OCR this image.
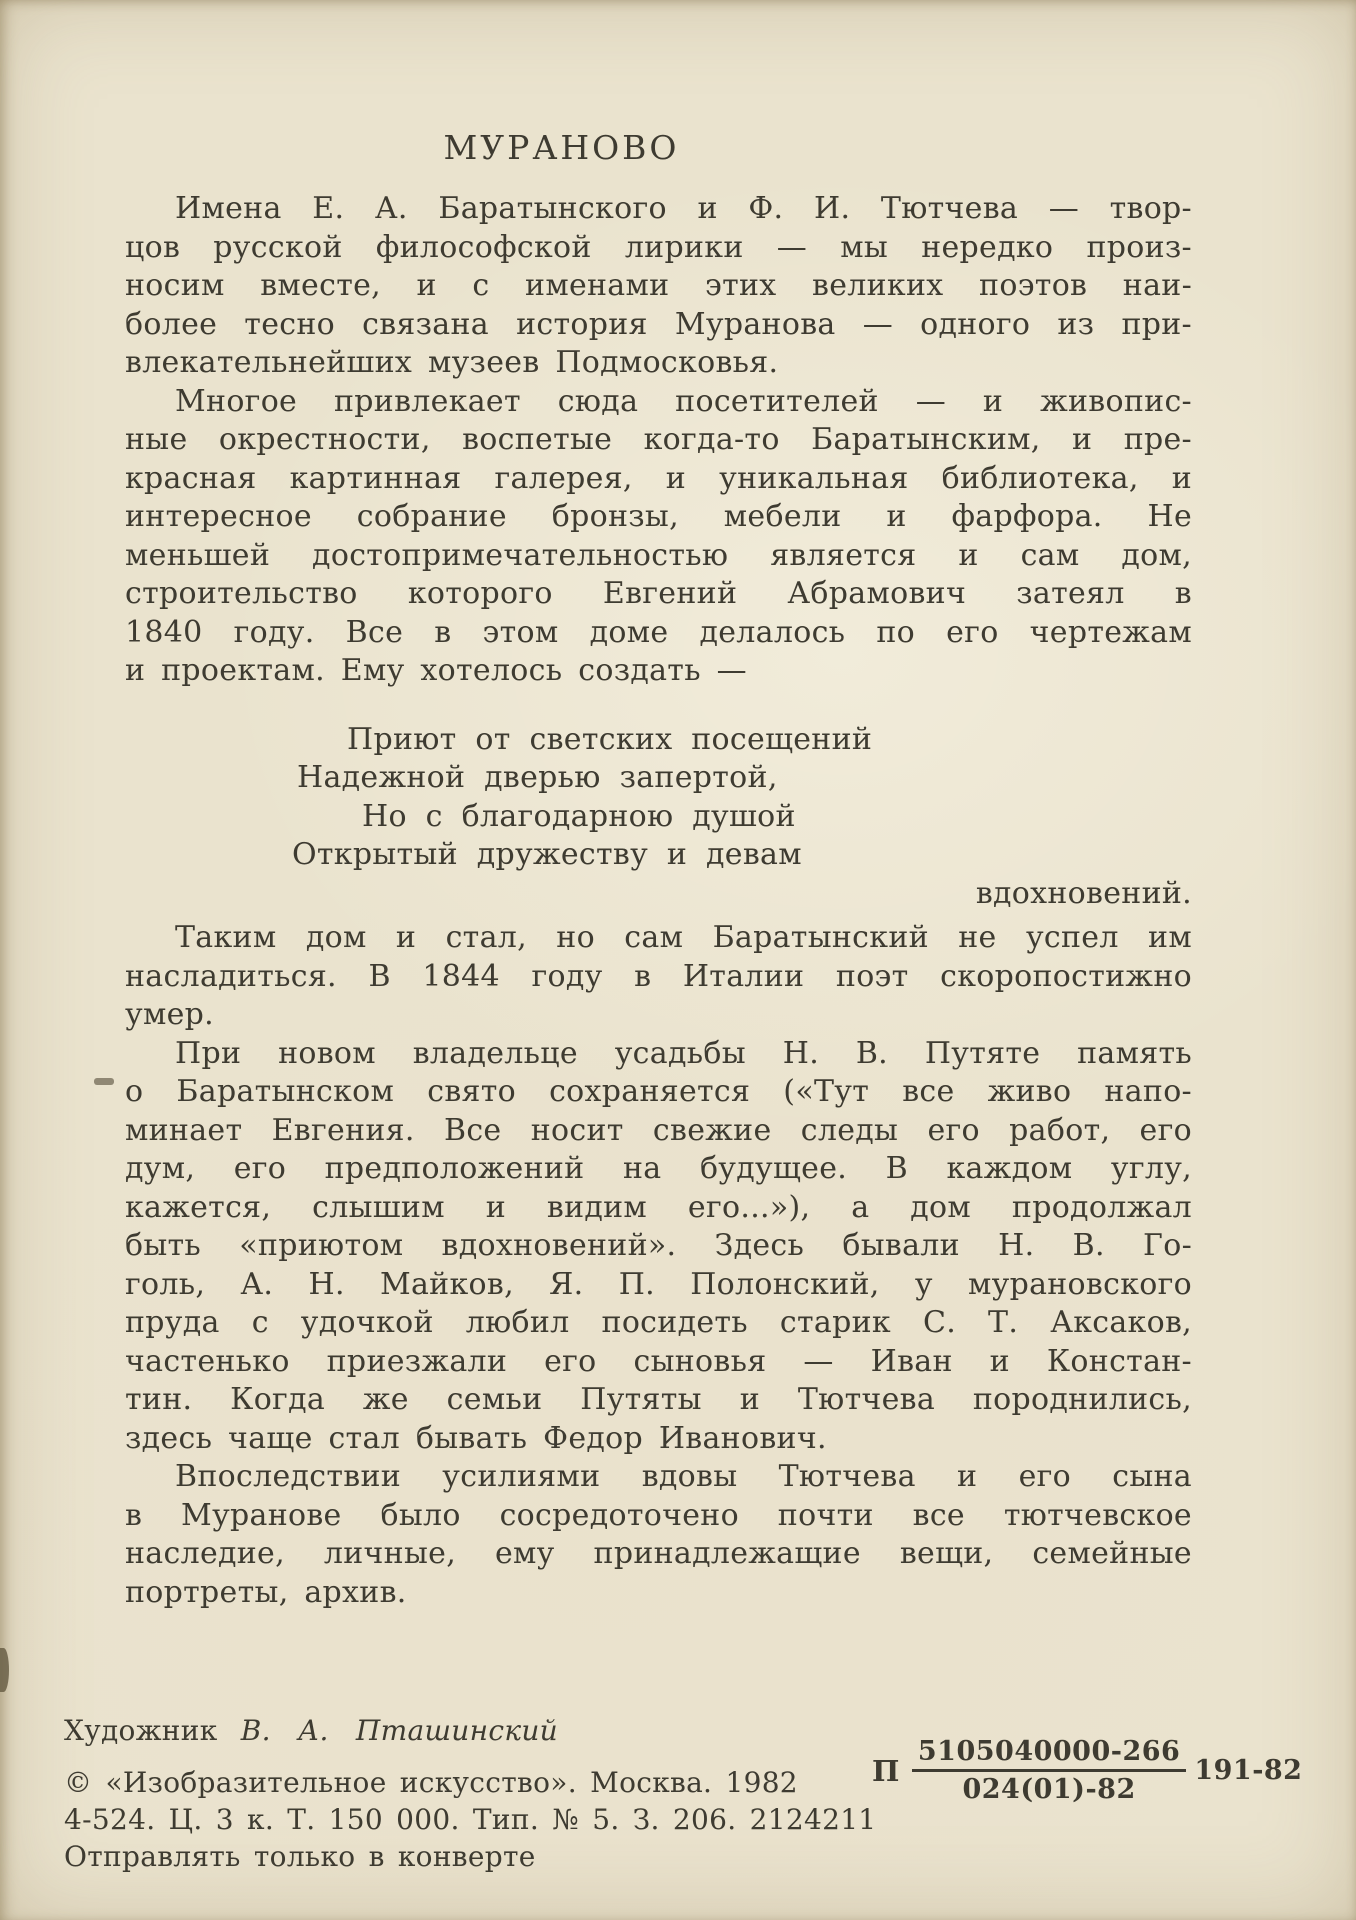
МУРАНОВО
Имена Е. А. Баратынского и Ф. И. Тютчева — твор-
цов русской философской лирики — мы нередко произ-
носим вместе, и с именами этих великих поэтов наи-
более тесно связана история Муранова — одного из при-
влекательнейших музеев Подмосковья.
Многое привлекает сюда посетителей — и живопис-
ные окрестности, воспетые когда-то Баратынским, и пре-
красная картинная галерея, и уникальная библиотека, и
интересное собрание бронзы, мебели и фарфора. Не
меньшей достопримечательностью является и сам дом,
строительство которого Евгений Абрамович затеял в
1840 году. Все в этом доме делалось по его чертежам
и проектам. Ему хотелось создать —
Приют от светских посещений
Надежной дверью запертой,
Но с благодарною душой
Открытый дружеству и девам
вдохновений.
Таким дом и стал, но сам Баратынский не успел им
насладиться. В 1844 году в Италии поэт скоропостижно
умер.
При новом владельце усадьбы Н. В. Путяте память
о Баратынском свято сохраняется («Тут все живо напо-
минает Евгения. Все носит свежие следы его работ, его
дум, его предположений на будущее. В каждом углу,
кажется, слышим и видим его...»), а дом продолжал
быть «приютом вдохновений». Здесь бывали Н. В. Го-
голь, А. Н. Майков, Я. П. Полонский, у мурановского
пруда с удочкой любил посидеть старик С. Т. Аксаков,
частенько приезжали его сыновья — Иван и Констан-
тин. Когда же семьи Путяты и Тютчева породнились,
здесь чаще стал бывать Федор Иванович.
Впоследствии усилиями вдовы Тютчева и его сына
в Муранове было сосредоточено почти все тютчевское
наследие, личные, ему принадлежащие вещи, семейные
портреты, архив.
Художник В. А. Пташинский
© «Изобразительное искусство». Москва. 1982
4-524. Ц. 3 к. Т. 150 000. Тип. № 5. З. 206. 2124211
Отправлять только в конверте
П $\frac{5105040000-266}{024(01)-82} 191-82$
